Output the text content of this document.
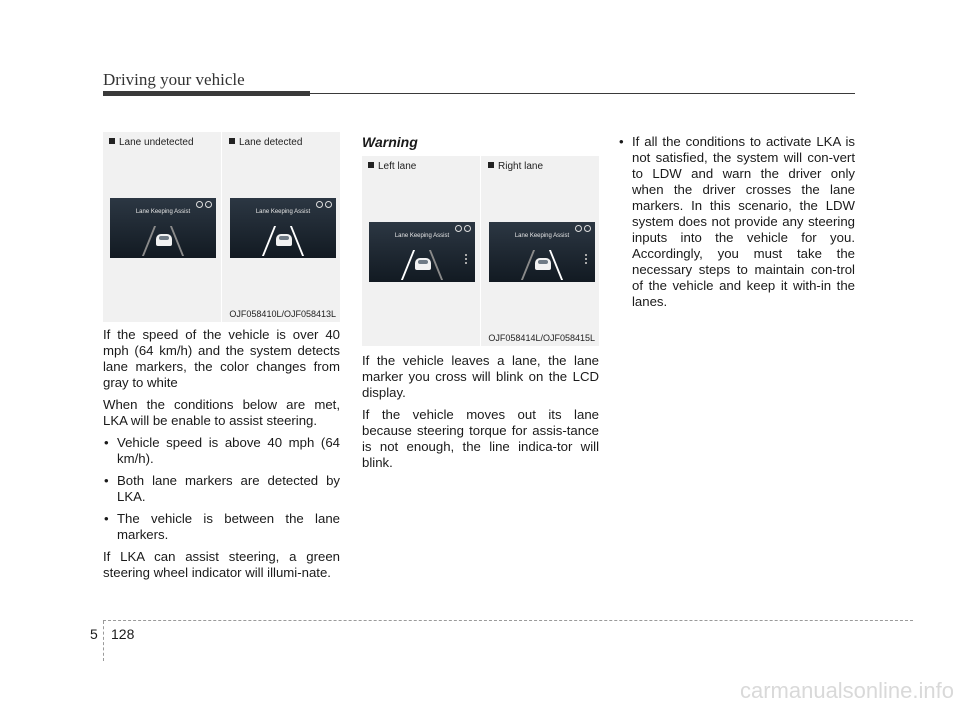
Driving your vehicle
Lane undetected
Lane Keeping Assist
Lane detected
Lane Keeping Assist
OJF058410L/OJF058413L

If the speed of the vehicle is over 40 mph (64 km/h) and the system detects lane markers, the color changes from gray to white

When the conditions below are met, LKA will be enable to assist steering.

• Vehicle speed is above 40 mph (64 km/h).

• Both lane markers are detected by LKA.

• The vehicle is between the lane markers.

If LKA can assist steering, a green steering wheel indicator will illumi-nate.

Warning
Left lane
Lane Keeping Assist
Right lane
Lane Keeping Assist
OJF058414L/OJF058415L

If the vehicle leaves a lane, the lane marker you cross will blink on the LCD display.

If the vehicle moves out its lane because steering torque for assis-tance is not enough, the line indica-tor will blink.

• If all the conditions to activate LKA is not satisfied, the system will con-vert to LDW and warn the driver only when the driver crosses the lane markers. In this scenario, the LDW system does not provide any steering inputs into the vehicle for you. Accordingly, you must take the necessary steps to maintain con-trol of the vehicle and keep it with-in the lanes.

5 128
carmanualsonline.info
